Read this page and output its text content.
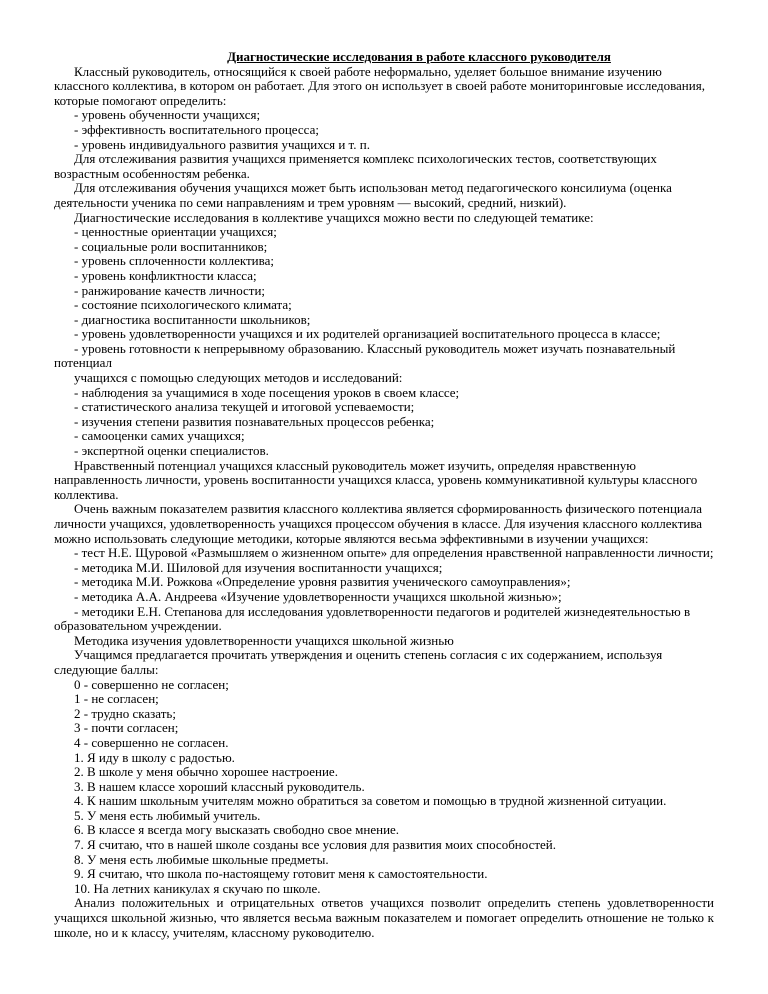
Диагностические исследования в работе классного руководителя

Классный руководитель, относящийся к своей работе неформально, уделяет большое внимание изучению классного коллектива, в котором он работает. Для этого он использует в своей работе мониторинговые исследования, которые помогают определить:

- уровень обученности учащихся;

- эффективность воспитательного процесса;

- уровень индивидуального развития учащихся и т. п.

Для отслеживания развития учащихся применяется комплекс психологических тестов, соответствующих возрастным особенностям ребенка.

Для отслеживания обучения учащихся может быть использован метод педагогического консилиума (оценка деятельности ученика по семи направлениям и трем уровням — высокий, средний, низкий).

Диагностические исследования в коллективе учащихся можно вести по следующей тематике:

- ценностные ориентации учащихся;

- социальные роли воспитанников;

- уровень сплоченности коллектива;

- уровень конфликтности класса;

- ранжирование качеств личности;

- состояние психологического климата;

- диагностика воспитанности школьников;

- уровень удовлетворенности учащихся и их родителей организацией воспитательного процесса в классе;

- уровень готовности к непрерывному образованию. Классный руководитель может изучать познавательный потенциал

учащихся с помощью следующих методов и исследований:

- наблюдения за учащимися в ходе посещения уроков в своем классе;

- статистического анализа текущей и итоговой успеваемости;

- изучения степени развития познавательных процессов ребенка;

- самооценки самих учащихся;

- экспертной оценки специалистов.

Нравственный потенциал учащихся классный руководитель может изучить, определяя нравственную направленность личности, уровень воспитанности учащихся класса, уровень коммуникативной культуры классного коллектива.

Очень важным показателем развития классного коллектива является сформированность физического потенциала личности учащихся, удовлетворенность учащихся процессом обучения в классе. Для изучения классного коллектива можно использовать следующие методики, которые являются весьма эффективными в изучении учащихся:

- тест Н.Е. Щуровой «Размышляем о жизненном опыте» для определения нравственной направленности личности;

- методика М.И. Шиловой для изучения воспитанности учащихся;

- методика М.И. Рожкова «Определение уровня развития ученического самоуправления»;

- методика А.А. Андреева «Изучение удовлетворенности учащихся школьной жизнью»;

- методики Е.Н. Степанова для исследования удовлетворенности педагогов и родителей жизнедеятельностью в образовательном учреждении.

Методика изучения удовлетворенности учащихся школьной жизнью

Учащимся предлагается прочитать утверждения и оценить степень согласия с их содержанием, используя следующие баллы:

0 - совершенно не согласен;

1 - не согласен;

2 - трудно сказать;

3 - почти согласен;

4 - совершенно не согласен.

1. Я иду в школу с радостью.

2. В школе у меня обычно хорошее настроение.

3. В нашем классе хороший классный руководитель.

4. К нашим школьным учителям можно обратиться за советом и помощью в трудной жизненной ситуации.

5. У меня есть любимый учитель.

6. В классе я всегда могу высказать свободно свое мнение.

7. Я считаю, что в нашей школе созданы все условия для развития моих способностей.

8. У меня есть любимые школьные предметы.

9. Я считаю, что школа по-настоящему готовит меня к самостоятельности.

10. На летних каникулах я скучаю по школе.

Анализ положительных и отрицательных ответов учащихся позволит определить степень удовлетворенности учащихся школьной жизнью, что является весьма важным показателем и помогает определить отношение не только к школе, но и к классу, учителям, классному руководителю.
